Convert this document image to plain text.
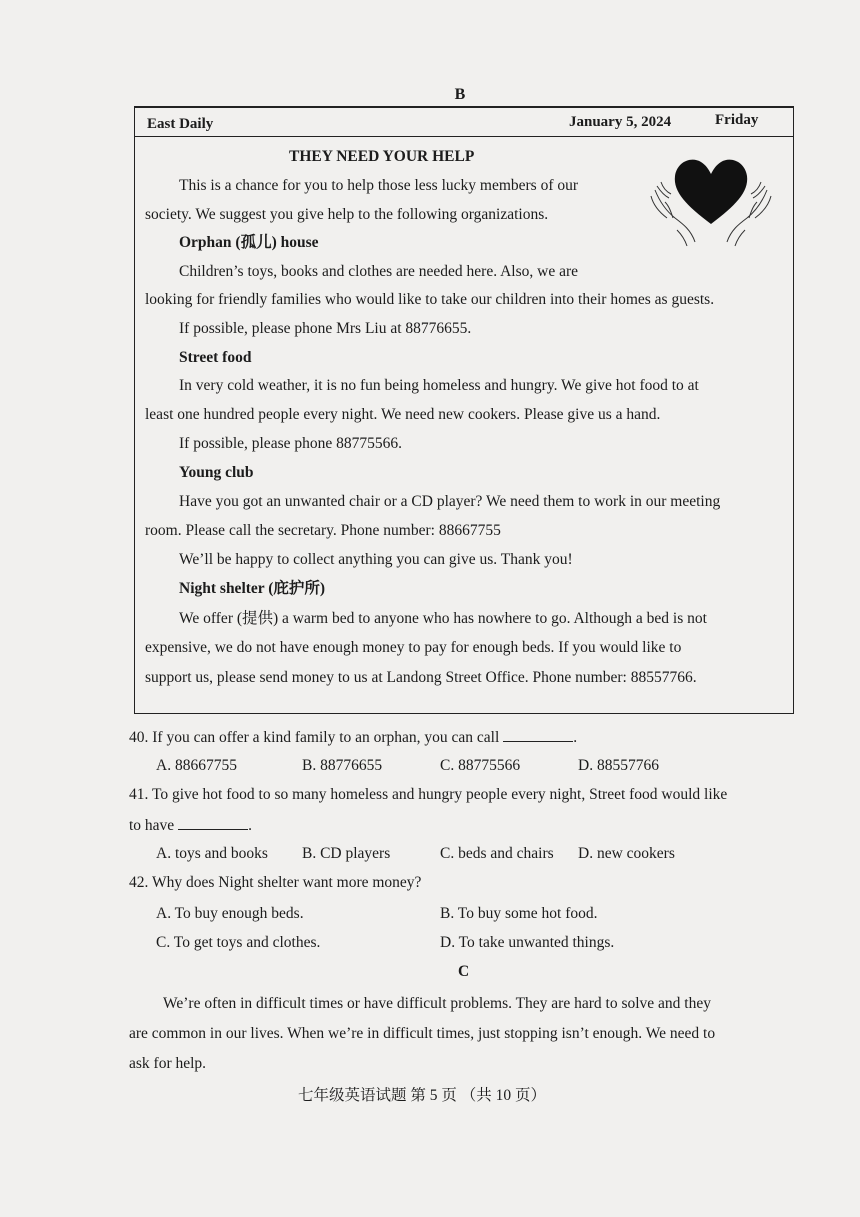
B
East Daily	January 5, 2024	Friday
THEY NEED YOUR HELP
This is a chance for you to help those less lucky members of our
society. We suggest you give help to the following organizations.
Orphan (孤儿) house
Children’s toys, books and clothes are needed here. Also, we are
looking for friendly families who would like to take our children into their homes as guests.
If possible, please phone Mrs Liu at 88776655.
Street food
In very cold weather, it is no fun being homeless and hungry. We give hot food to at
least one hundred people every night. We need new cookers. Please give us a hand.
If possible, please phone 88775566.
Young club
Have you got an unwanted chair or a CD player? We need them to work in our meeting
room. Please call the secretary. Phone number: 88667755
We’ll be happy to collect anything you can give us. Thank you!
Night shelter (庇护所)
We offer (提供) a warm bed to anyone who has nowhere to go. Although a bed is not
expensive, we do not have enough money to pay for enough beds. If you would like to
support us, please send money to us at Landong Street Office. Phone number: 88557766.
40. If you can offer a kind family to an orphan, you can call	.
A. 88667755	B. 88776655	C. 88775566	D. 88557766
41. To give hot food to so many homeless and hungry people every night, Street food would like
to have	.
A. toys and books B. CD players	C. beds and chairs D. new cookers
42. Why does Night shelter want more money?
A. To buy enough beds.	B. To buy some hot food.
C. To get toys and clothes.	D. To take unwanted things.
C
We’re often in difficult times or have difficult problems. They are hard to solve and they
are common in our lives. When we’re in difficult times, just stopping isn’t enough. We need to
ask for help.
七年级英语试题 第 5 页 （共 10 页）
